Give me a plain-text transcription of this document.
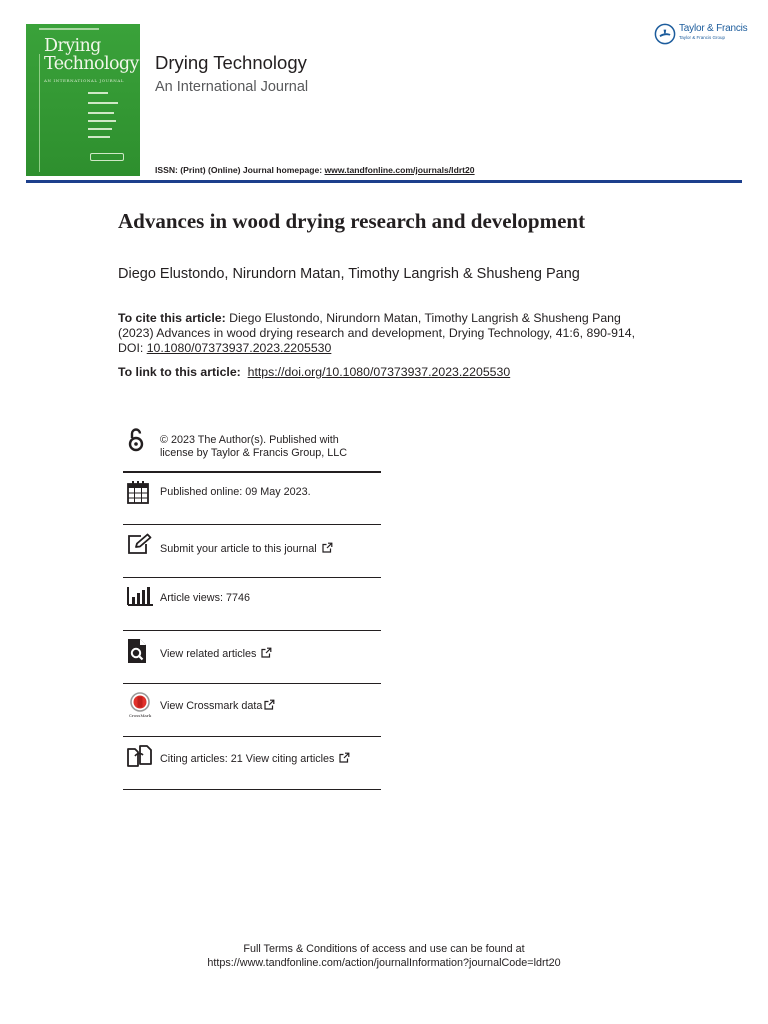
Drying
Technology
AN INTERNATIONAL JOURNAL
Drying Technology
An International Journal
ISSN: (Print) (Online) Journal homepage: www.tandfonline.com/journals/ldrt20
Taylor & Francis
Taylor & Francis Group
Advances in wood drying research and development
Diego Elustondo, Nirundorn Matan, Timothy Langrish & Shusheng Pang
To cite this article: Diego Elustondo, Nirundorn Matan, Timothy Langrish & Shusheng Pang
(2023) Advances in wood drying research and development, Drying Technology, 41:6, 890-914,
DOI: 10.1080/07373937.2023.2205530
To link to this article: https://doi.org/10.1080/07373937.2023.2205530
© 2023 The Author(s). Published with
license by Taylor & Francis Group, LLC
Published online: 09 May 2023.
Submit your article to this journal
Article views: 7746
View related articles
CrossMark
View Crossmark data
Citing articles: 21 View citing articles
Full Terms & Conditions of access and use can be found at
https://www.tandfonline.com/action/journalInformation?journalCode=ldrt20
